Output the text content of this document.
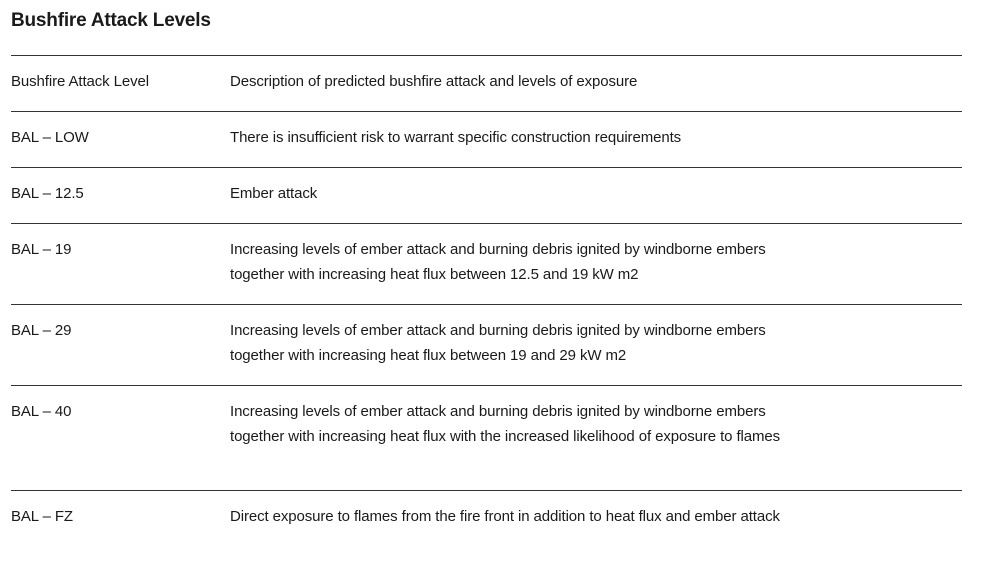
Bushfire Attack Levels
Bushfire Attack Level	Description of predicted bushfire attack and levels of exposure
BAL – LOW	There is insufficient risk to warrant specific construction requirements
BAL – 12.5	Ember attack
BAL – 19	Increasing levels of ember attack and burning debris ignited by windborne embers together with increasing heat flux between 12.5 and 19 kW m2
BAL – 29	Increasing levels of ember attack and burning debris ignited by windborne embers together with increasing heat flux between 19 and 29 kW m2
BAL – 40	Increasing levels of ember attack and burning debris ignited by windborne embers together with increasing heat flux with the increased likelihood of exposure to flames
BAL – FZ	Direct exposure to flames from the fire front in addition to heat flux and ember attack
